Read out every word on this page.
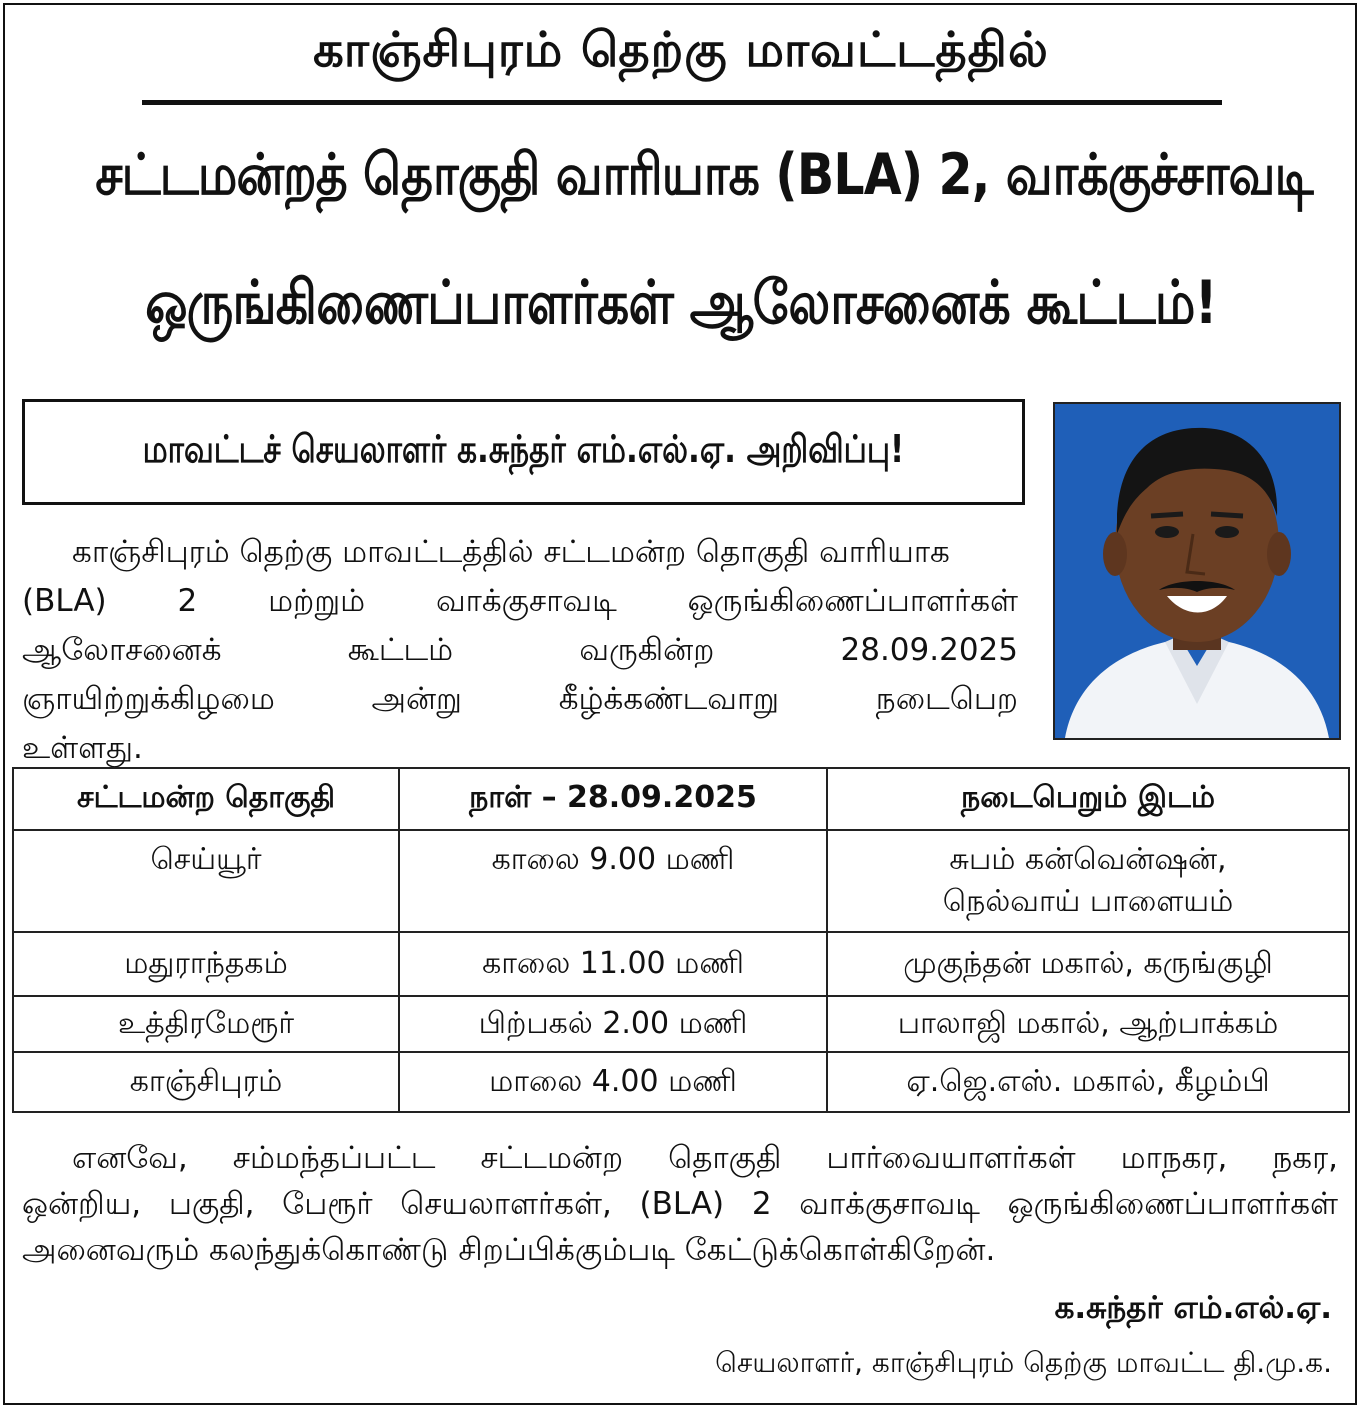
காஞ்சிபுரம் தெற்கு மாவட்டத்தில்
சட்டமன்றத் தொகுதி வாரியாக (BLA) 2, வாக்குச்சாவடி
ஒருங்கிணைப்பாளர்கள் ஆலோசனைக் கூட்டம்!
மாவட்டச் செயலாளர் க.சுந்தர் எம்.எல்.ஏ. அறிவிப்பு!
காஞ்சிபுரம் தெற்கு மாவட்டத்தில் சட்டமன்ற தொகுதி வாரியாக
(BLA) 2 மற்றும் வாக்குசாவடி ஒருங்கிணைப்பாளர்கள்
ஆலோசனைக் கூட்டம் வருகின்ற 28.09.2025
ஞாயிற்றுக்கிழமை அன்று கீழ்க்கண்டவாறு நடைபெற
உள்ளது.
சட்டமன்ற தொகுதி	நாள் – 28.09.2025	நடைபெறும் இடம்
செய்யூர்	காலை 9.00 மணி	சுபம் கன்வென்ஷன்,
நெல்வாய் பாளையம்

மதுராந்தகம்	காலை 11.00 மணி	முகுந்தன் மகால், கருங்குழி
உத்திரமேரூர்	பிற்பகல் 2.00 மணி	பாலாஜி மகால், ஆற்பாக்கம்
காஞ்சிபுரம்	மாலை 4.00 மணி	ஏ.ஜெ.எஸ். மகால், கீழம்பி
எனவே, சம்மந்தப்பட்ட சட்டமன்ற தொகுதி பார்வையாளர்கள் மாநகர, நகர,
ஒன்றிய, பகுதி, பேரூர் செயலாளர்கள், (BLA) 2 வாக்குசாவடி ஒருங்கிணைப்பாளர்கள்
அனைவரும் கலந்துக்கொண்டு சிறப்பிக்கும்படி கேட்டுக்கொள்கிறேன்.
க.சுந்தர் எம்.எல்.ஏ.
செயலாளர், காஞ்சிபுரம் தெற்கு மாவட்ட தி.மு.க.
